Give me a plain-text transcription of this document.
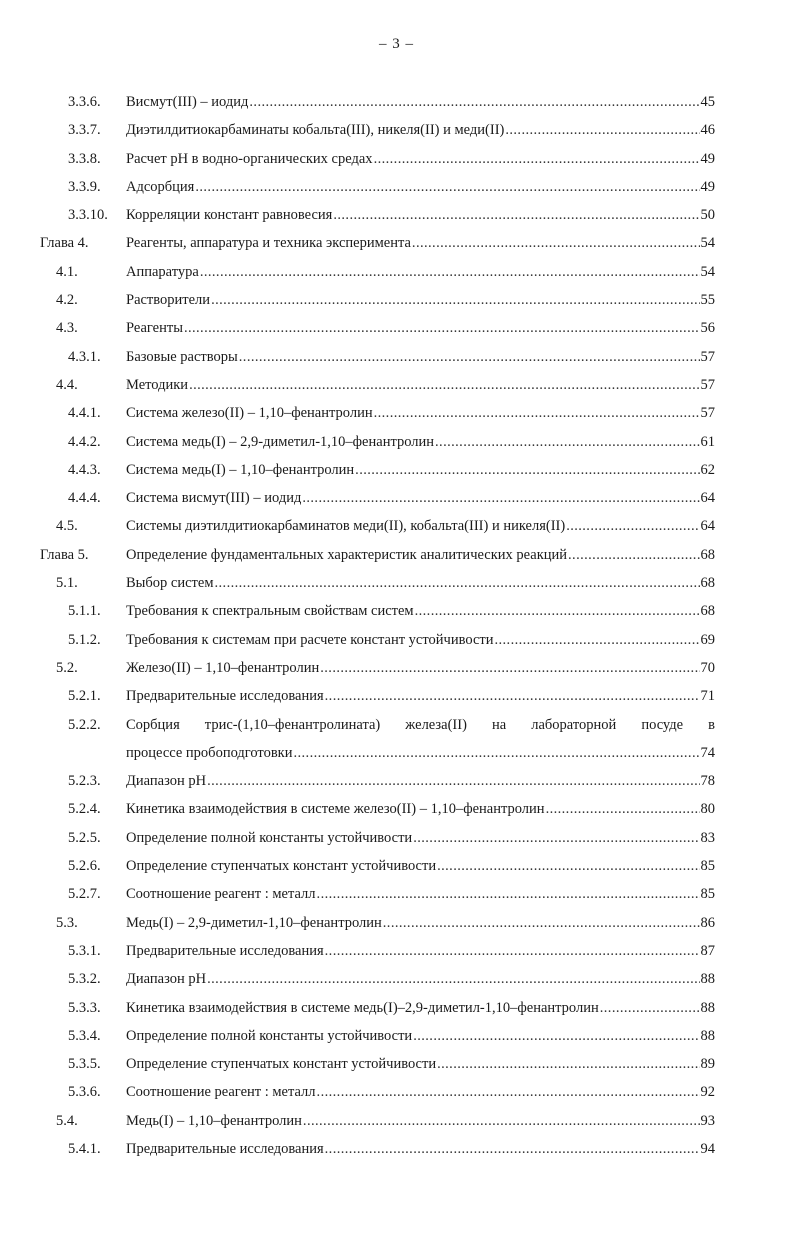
– 3 –
3.3.6. Висмут(III) – иодид .....	45
3.3.7. Диэтилдитиокарбаминаты кобальта(III), никеля(II) и меди(II) .....	46
3.3.8. Расчет рН в водно-органических средах .....	49
3.3.9. Адсорбция .....	49
3.3.10. Корреляции констант равновесия .....	50
Глава 4.	Реагенты, аппаратура и техника эксперимента .....	54
4.1.	Аппаратура .....	54
4.2.	Растворители .....	55
4.3.	Реагенты .....	56
4.3.1. Базовые растворы .....	57
4.4.	Методики .....	57
4.4.1. Система железо(II) – 1,10–фенантролин .....	57
4.4.2. Система медь(I) – 2,9-диметил-1,10–фенантролин .....	61
4.4.3. Система медь(I) – 1,10–фенантролин .....	62
4.4.4. Система висмут(III) – иодид .....	64
4.5.	Системы диэтилдитиокарбаминатов меди(II), кобальта(III) и никеля(II) .....	64
Глава 5.	Определение фундаментальных характеристик аналитических реакций .....	68
5.1.	Выбор систем .....	68
5.1.1. Требования к спектральным свойствам систем .....	68
5.1.2. Требования к системам при расчете констант устойчивости .....	69
5.2.	Железо(II) – 1,10–фенантролин .....	70
5.2.1. Предварительные исследования .....	71
5.2.2. Сорбция трис-(1,10–фенантролината) железа(II) на лабораторной посуде в
процессе пробоподготовки .....	74
5.2.3. Диапазон рН .....	78
5.2.4. Кинетика взаимодействия в системе железо(II) – 1,10–фенантролин .....	80
5.2.5. Определение полной константы устойчивости .....	83
5.2.6. Определение ступенчатых констант устойчивости .....	85
5.2.7. Соотношение реагент : металл .....	85
5.3.	Медь(I) – 2,9-диметил-1,10–фенантролин .....	86
5.3.1. Предварительные исследования .....	87
5.3.2. Диапазон рН .....	88
5.3.3. Кинетика взаимодействия в системе медь(I)–2,9-диметил-1,10–фенантролин .....	88
5.3.4. Определение полной константы устойчивости .....	88
5.3.5. Определение ступенчатых констант устойчивости .....	89
5.3.6. Соотношение реагент : металл .....	92
5.4.	Медь(I) – 1,10–фенантролин .....	93
5.4.1. Предварительные исследования .....	94
